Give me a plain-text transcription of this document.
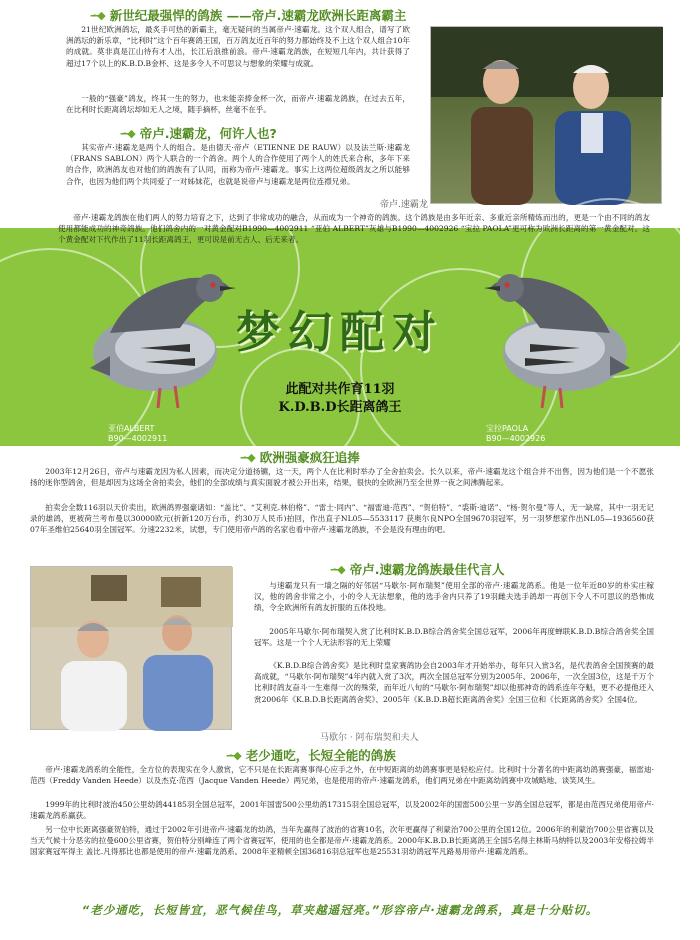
-·-◆ 新世纪最强悍的鸽族 ——帝卢.速霸龙欧洲长距离霸主
21世纪欧洲鸽坛，最炙手可热的新霸主，毫无疑问的当属帝卢·速霸龙。这个双人组合，谱写了欧洲鸽坛的新乐章，“比利时”这个百年赛鸽王国，百万鸽友近百年的努力都始终及不上这个双人组合10年的成就。莫非真是江山待有才人出，长江后浪推前浪。帝卢·速霸龙鸽族，在短短几年内，共计获得了超过17个以上的K.B.D.B金杯、这是多令人不可思议与想象的荣耀与成就。
一般的“强豪”鸽友，终其一生的努力，也未能亲捧金杯一次，而帝卢·速霸龙鸽族，在过去五年，在比利时长距离鸽坛却如无人之境，随手摘杯，丝毫不在乎。
-·-◆ 帝卢.速霸龙，何许人也?
其实帝卢·速霸龙是两个人的组合。是由德天·帝卢（ETIENNE DE RAUW）以及法兰斯·速霸龙（FRANS SABLON）两个人联合的一个鸽舍。两个人的合作使用了两个人的姓氏来合称，多年下来的合作，欧洲鸽友也对他们的鸽族有了认同，而称为帝卢·速霸龙。事实上这两位超级鸽友之所以能够合作，也因为他们两个共同爱了一对姊妹花，也就是说帝卢与速霸龙是两位连襟兄弟。
帝卢.速霸龙
帝卢·速霸龙鸽族在他们两人的努力培育之下，达到了非常成功的融合，从而成为一个神奇的鸽族。这个鸽族是由多年近亲、多重近亲所精炼而出的，更是一个由不同的鸽友使用都能成功的神奇鸽族。他们鸽舍内的一对黄金配对B1990—4002911 “亚伯 ALBERT”灰雄与B1990—4002926 “宝拉 PAOLA”更可称为欧洲长距离的第一黄金配对。这个黄金配对下代作出了11羽长距离鸽王，更可说是前无古人、后无来者。
亚伯ALBERT
B90—4002911
宝拉PAOLA
B90—4002926
梦幻配对
此配对共作育11羽
K.D.B.D长距离鸽王
-·-◆ 欧洲强豪疯狂追捧
2003年12月26日，帝卢与速霸龙因为私人因素，而决定分道扬镳，这一天，两个人在比利时举办了全舍拍卖会。长久以来，帝卢·速霸龙这个组合并不出售，因为他们是一个不愿张扬的迷你型鸽舍，但是却因为这场全舍拍卖会，他们的全部成绩与真实面貌才被公开出来，结果，很快的全欧洲乃至全世界一夜之间沸腾起来。
拍卖会全数116羽以天价卖出，欧洲鸽界强豪诸如：“盖比”、“艾利克.林伯格”、“雷士·同内”、“福雷迪·范西”、“贺伯特”、“裘斯·迪诺”、“杨·贺尔曼”等人，无一缺席，其中一羽无记录的雄鸽，更被荷兰考布曼以30000欧元(折新120万台币，约30万人民币)拍回，作出直子NL05—5533117 获奥尔良NPO全国9670羽冠军，另一羽梦想家作出NL05—1936560获07年圣维伯25640羽全国冠军。分速2232米，试想，专门使用帝卢鸽的名家也看中帝卢·速霸龙鸽族，不会是没有理由的吧。
-·-◆ 帝卢.速霸龙鸽族最佳代言人
马歇尔 · 阿布瑞契和夫人
与速霸龙只有一墙之隔的好邻居“马歇尔·阿布瑞契”使用全部的帝卢·速霸龙鸽系。他是一位年近80岁的朴实庄稼汉，他的鸽舍非常之小，小的令人无法想象，他的选手舍内只养了19羽雌夫选手鸽却一再创下令人不可思议的恐怖成绩，令全欧洲所有鸽友折服的五体投地。
2005年马歇尔·阿布瑞契入赏了比利时K.B.D.B综合鸽舍奖全国总冠军，2006年再度蝉联K.B.D.B综合鸽舍奖全国冠军。这是一个个人无法形容的无上荣耀
《K.B.D.B综合鸽舍奖》是比利时皇家赛鸽协会自2003年才开始举办，每年只入赏3名，是代表鸽舍全国预赛的最高成就，“马歇尔·阿布瑞契”4年内就入赏了3次，两次全国总冠军分别为2005年、2006年，一次全国3位，这是千万个比利时鸽友奋斗一生难得一次的殊荣，而年近八旬的“马歇尔·阿布瑞契”却以他那神奇的鸽系连年夺魁，更不必提他还入赏2006年《K.B.D.B长距离鸽舍奖》、2005年《K.B.D.B超长距离鸽舍奖》全国三位和《长距离鸽舍奖》全国4位。
-·-◆ 老少通吃，长短全能的鸽族
帝卢·速霸龙鸽系的全能性，全方位的表现实在令人激赏，它不只是在长距离赛事得心应手之外，在中短距离的幼鸽赛事更是轻松应付。比利时十分著名的中距离幼鸽赛强豪，福雷迪·范西（Freddy Vanden Heede）以及杰克·范西（Jacque Vanden Heede）两兄弟，也是使用的帝卢·速霸龙鸽系，他们两兄弟在中距离幼鸽赛中攻城略地、谈笑风生。
1999年的比利时波治450公里幼鸽44185羽全国总冠军，2001年国雷500公里幼鸽17315羽全国总冠军，以及2002年的国雷500公里一岁鸽全国总冠军，都是由范西兄弟使用帝卢·速霸龙鸽系赢获。
另一位中长距离强豪贺伯特，通过于2002年引进帝卢·速霸龙的幼鸽，当年先赢得了波治的省赛10名，次年更赢得了利蒙治700公里的全国12位。2006年的利蒙治700公里省赛以及当天气候十分恶劣的拉曼600公里省赛，贺伯特分别峰连了两个省赛冠军，使用的也全都是帝卢·速霸龙鸽系。2000年K.B.D.B长距离鸽王全国5名得主林斯马纳特以及2003年安格拉姆半国家赛冠军得主 盖比.凡得那比也都是使用的帝卢·速霸龙鸽系。2008年亚精顿全国36816羽总冠军也是25531羽幼鸽冠军凡路易用帝卢·速霸龙鸽系。
“老少通吃，长短皆宜，恶气候佳鸟，草夹越遥冠亮。”形容帝卢·速霸龙鸽系，真是十分贴切。
